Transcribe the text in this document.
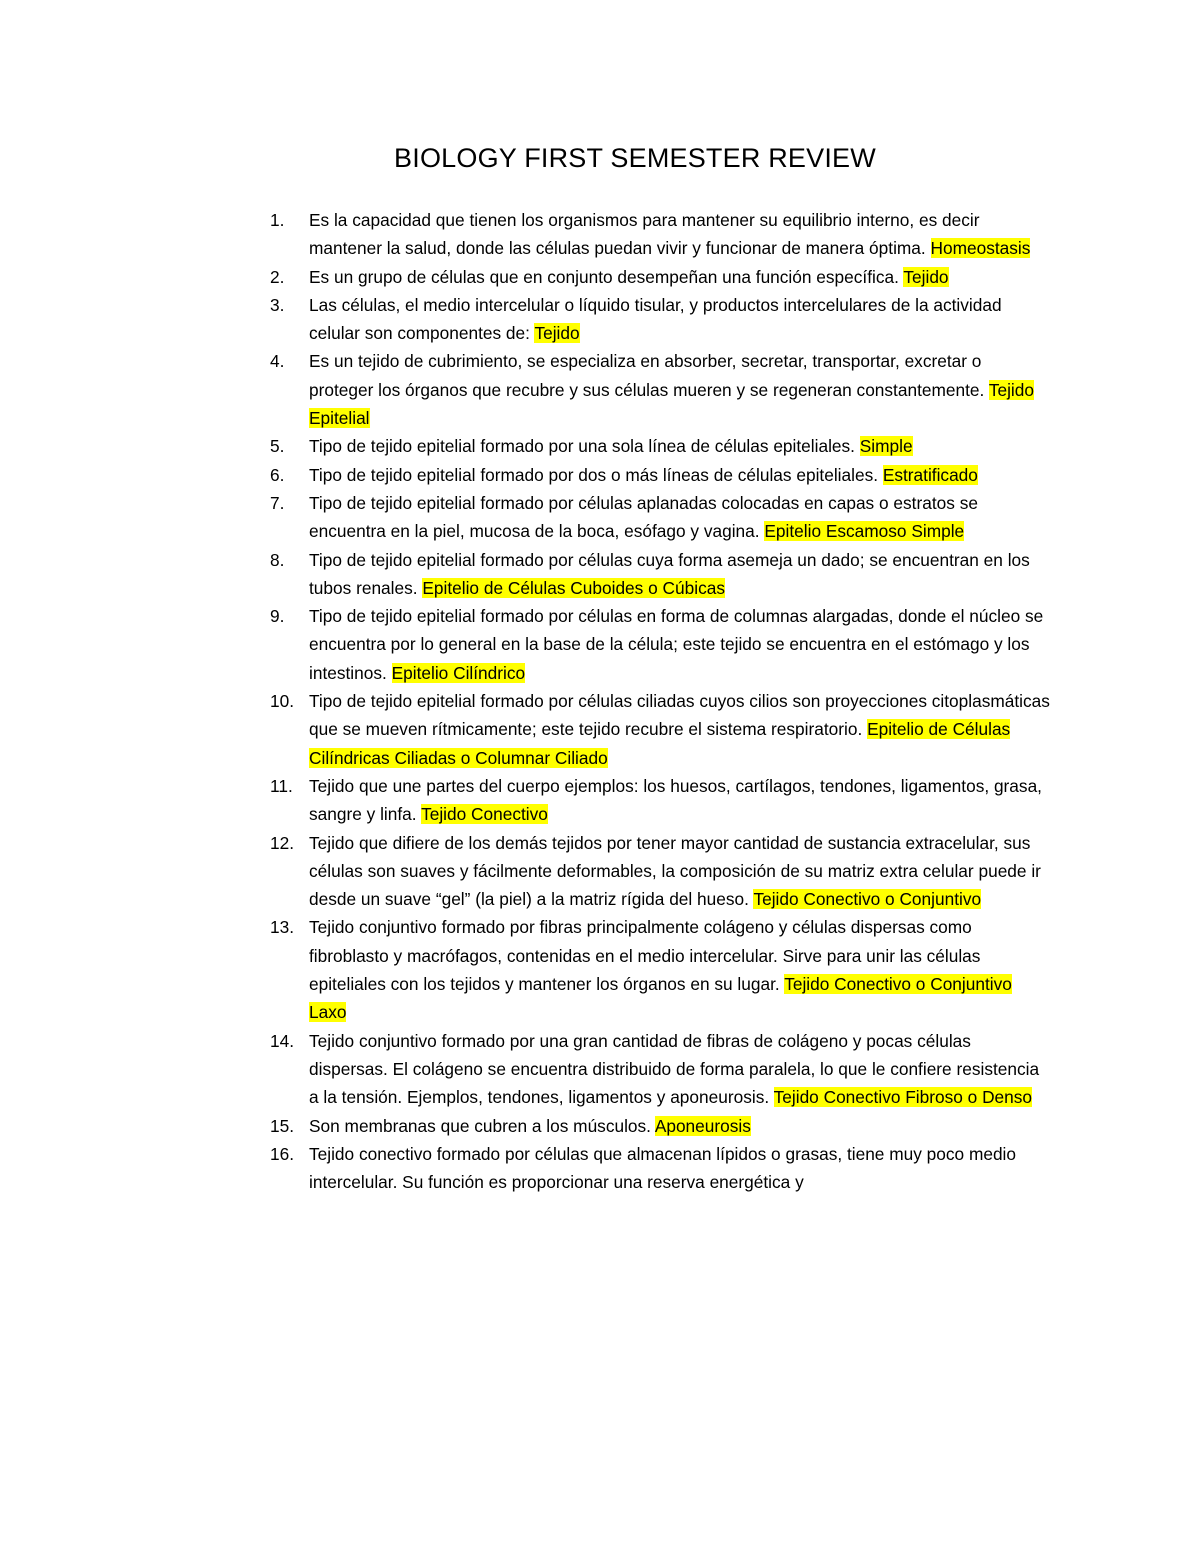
BIOLOGY FIRST SEMESTER REVIEW
1.	Es la capacidad que tienen los organismos para mantener su equilibrio interno, es decir mantener la salud, donde las células puedan vivir y funcionar de manera óptima. Homeostasis
2.	Es un grupo de células que en conjunto desempeñan una función específica. Tejido
3.	Las células, el medio intercelular o líquido tisular, y productos intercelulares de la actividad celular son componentes de: Tejido
4.	Es un tejido de cubrimiento, se especializa en absorber, secretar, transportar, excretar o proteger los órganos que recubre y sus células mueren y se regeneran constantemente. Tejido Epitelial
5.	Tipo de tejido epitelial formado por una sola línea de células epiteliales. Simple
6.	Tipo de tejido epitelial formado por dos o más líneas de células epiteliales. Estratificado
7.	Tipo de tejido epitelial formado por células aplanadas colocadas en capas o estratos se encuentra en la piel, mucosa de la boca, esófago y vagina. Epitelio Escamoso Simple
8.	Tipo de tejido epitelial formado por células cuya forma asemeja un dado; se encuentran en los tubos renales. Epitelio de Células Cuboides o Cúbicas
9.	Tipo de tejido epitelial formado por células en forma de columnas alargadas, donde el núcleo se encuentra por lo general en la base de la célula; este tejido se encuentra en el estómago y los intestinos. Epitelio Cilíndrico
10. Tipo de tejido epitelial formado por células ciliadas cuyos cilios son proyecciones citoplasmáticas que se mueven rítmicamente; este tejido recubre el sistema respiratorio. Epitelio de Células Cilíndricas Ciliadas o Columnar Ciliado
11. Tejido que une partes del cuerpo ejemplos: los huesos, cartílagos, tendones, ligamentos, grasa, sangre y linfa. Tejido Conectivo
12. Tejido que difiere de los demás tejidos por tener mayor cantidad de sustancia extracelular, sus células son suaves y fácilmente deformables, la composición de su matriz extra celular puede ir desde un suave “gel” (la piel) a la matriz rígida del hueso. Tejido Conectivo o Conjuntivo
13. Tejido conjuntivo formado por fibras principalmente colágeno y células dispersas como fibroblasto y macrófagos, contenidas en el medio intercelular. Sirve para unir las células epiteliales con los tejidos y mantener los órganos en su lugar. Tejido Conectivo o Conjuntivo Laxo
14. Tejido conjuntivo formado por una gran cantidad de fibras de colágeno y pocas células dispersas. El colágeno se encuentra distribuido de forma paralela, lo que le confiere resistencia a la tensión. Ejemplos, tendones, ligamentos y aponeurosis. Tejido Conectivo Fibroso o Denso
15. Son membranas que cubren a los músculos. Aponeurosis
16. Tejido conectivo formado por células que almacenan lípidos o grasas, tiene muy poco medio intercelular. Su función es proporcionar una reserva energética y
